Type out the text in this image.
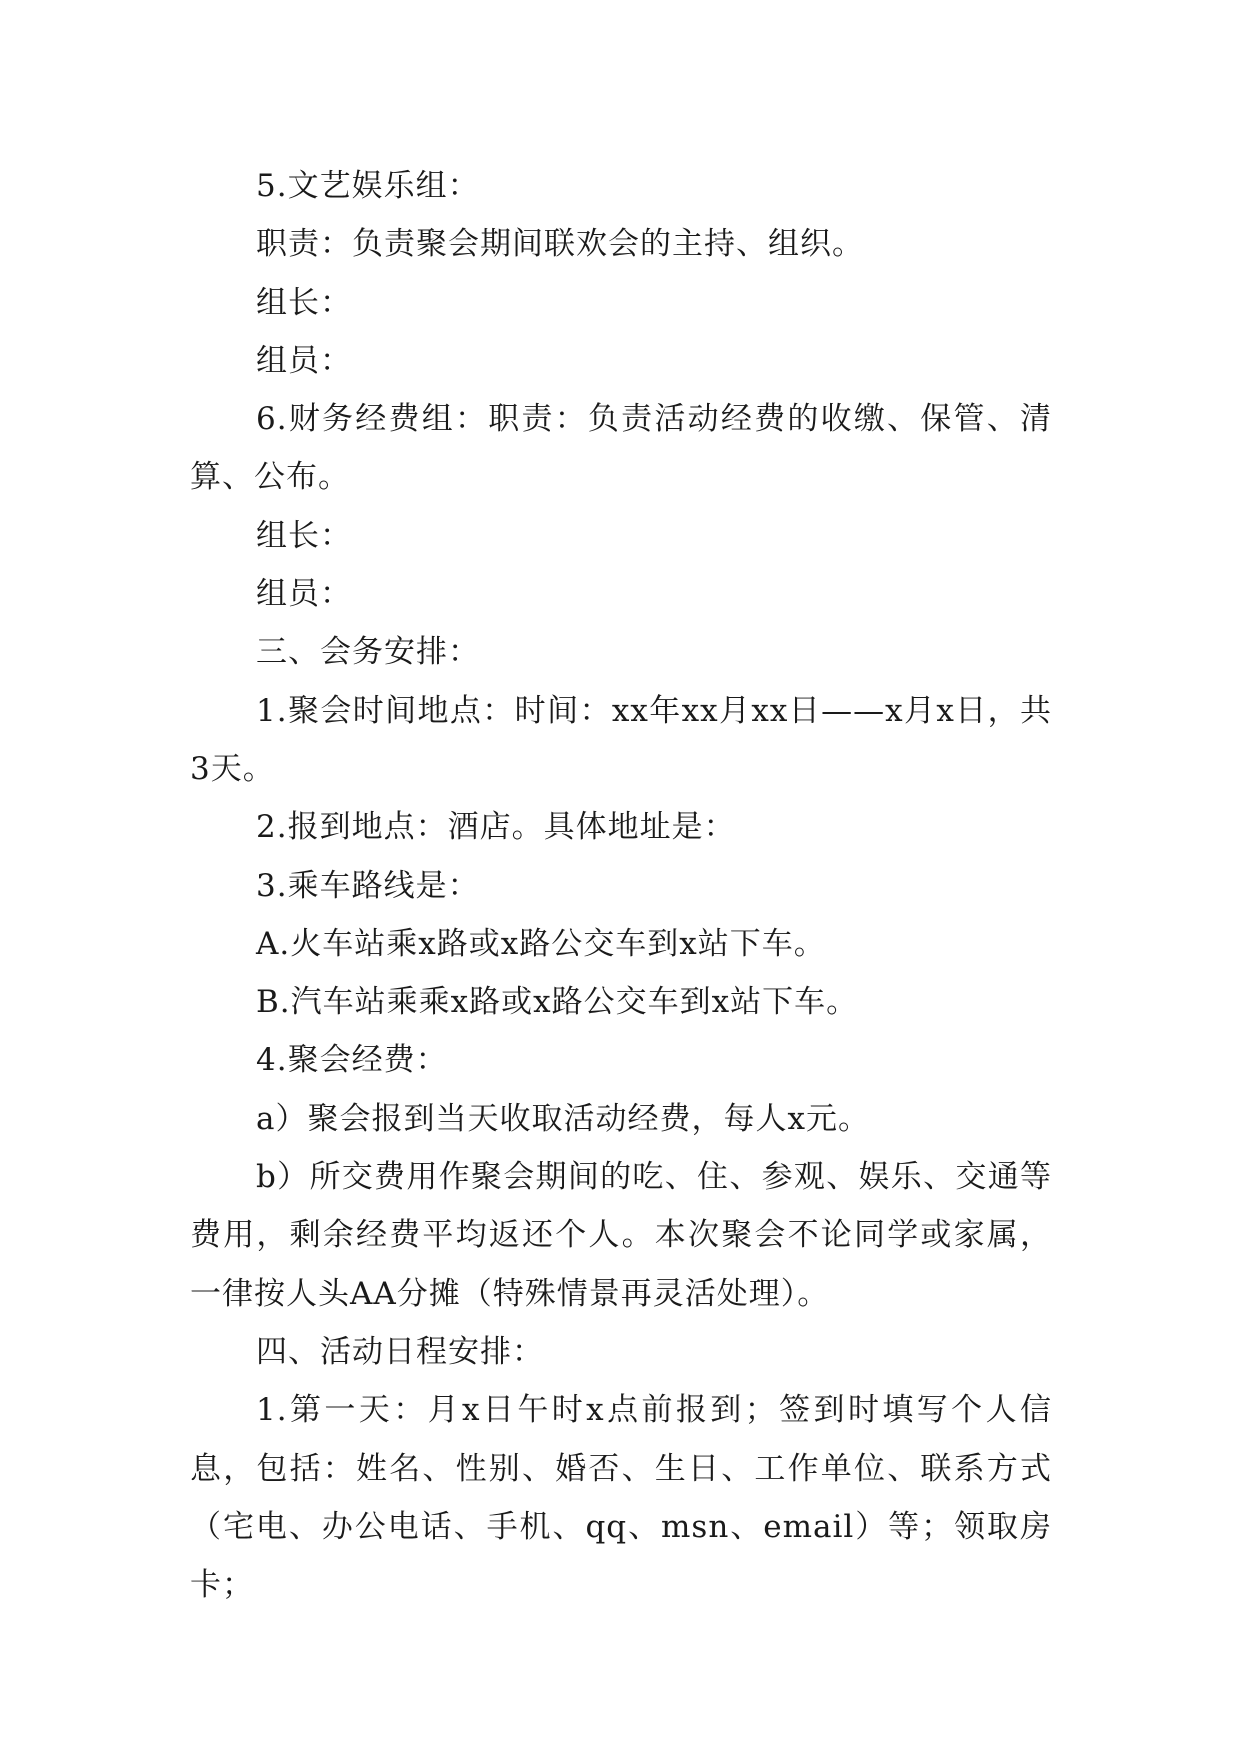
5.文艺娱乐组：

职责：负责聚会期间联欢会的主持、组织。

组长：

组员：

6.财务经费组：职责：负责活动经费的收缴、保管、清算、公布。

组长：

组员：

三、会务安排：

1.聚会时间地点：时间：xx年xx月xx日——x月x日，共3天。

2.报到地点：酒店。具体地址是：

3.乘车路线是：

A.火车站乘x路或x路公交车到x站下车。

B.汽车站乘乘x路或x路公交车到x站下车。

4.聚会经费：

a）聚会报到当天收取活动经费，每人x元。

b）所交费用作聚会期间的吃、住、参观、娱乐、交通等费用，剩余经费平均返还个人。本次聚会不论同学或家属，一律按人头AA分摊（特殊情景再灵活处理）。

四、活动日程安排：

1.第一天：月x日午时x点前报到；签到时填写个人信息，包括：姓名、性别、婚否、生日、工作单位、联系方式（宅电、办公电话、手机、qq、msn、email）等；领取房卡；
